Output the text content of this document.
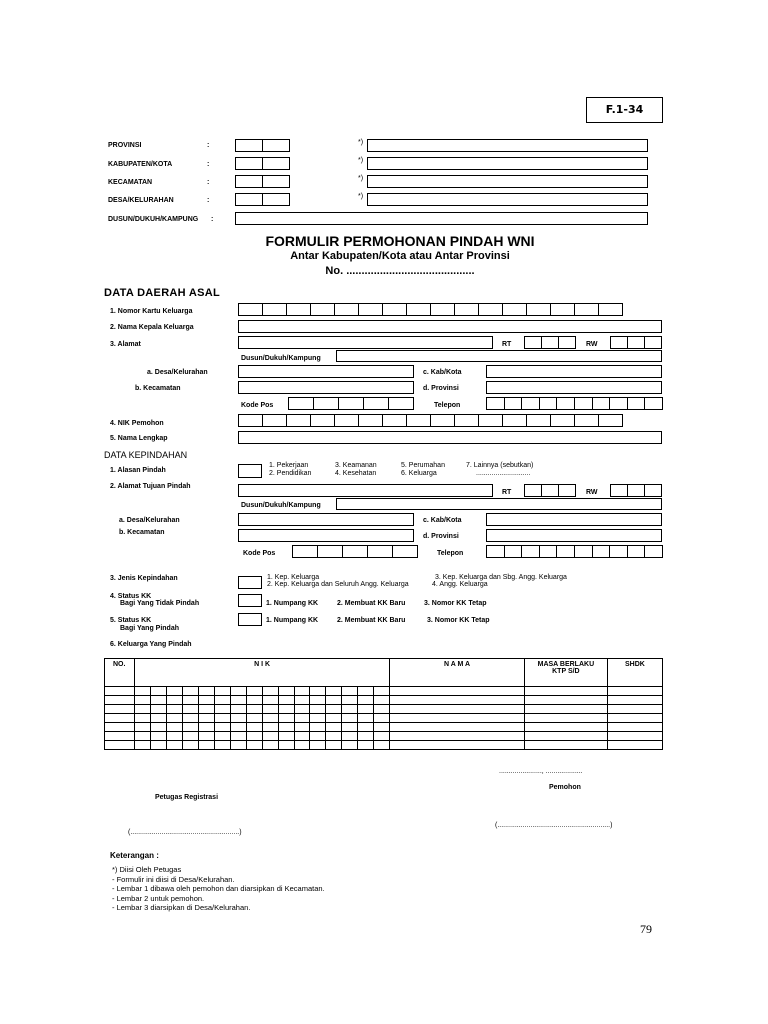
F.1-34
PROVINSI	:	*)
KABUPATEN/KOTA	:
*)
KECAMATAN	:
*)
DESA/KELURAHAN	:
*)
DUSUN/DUKUH/KAMPUNG :
FORMULIR PERMOHONAN PINDAH WNI
Antar Kabupaten/Kota atau Antar Provinsi
No. ..........................................
DATA DAERAH ASAL
1. Nomor Kartu Keluarga
2. Nama Kepala Keluarga
3. Alamat	RT	RW
Dusun/Dukuh/Kampung
a. Desa/Kelurahan	c. Kab/Kota
b. Kecamatan	d. Provinsi
Kode Pos	Telepon
4. NIK Pemohon
5. Nama Lengkap
DATA KEPINDAHAN
1. Alasan Pindah
1. Pekerjaan
2. Pendidikan
3. Keamanan
4. Kesehatan
5. Perumahan
6. Keluarga
7. Lainnya (sebutkan)
............................
2. Alamat Tujuan Pindah
RT	RW
Dusun/Dukuh/Kampung
a. Desa/Kelurahan	c. Kab/Kota
b. Kecamatan
d. Provinsi
Kode Pos	Telepon
3. Jenis Kepindahan	1. Kep. Keluarga
2. Kep. Keluarga dan Seluruh Angg. Keluarga
3. Kep. Keluarga dan Sbg. Angg. Keluarga
4. Angg. Keluarga
4. Status KK
Bagi Yang Tidak Pindah	1. Numpang KK	2. Membuat KK Baru	3. Nomor KK Tetap
5. Status KK
Bagi Yang Pindah
1. Numpang KK	2. Membuat KK Baru	3. Nomor KK Tetap
6. Keluarga Yang Pindah
NO.	N I K																N A M A	MASA BERLAKU
KTP S/D	SHDK

......................, ...................
Pemohon
Petugas Registrasi
(........................................................)
(..........................................................)
Keterangan :
*) Diisi Oleh Petugas
- Formulir ini diisi di Desa/Kelurahan.
- Lembar 1 dibawa oleh pemohon dan diarsipkan di Kecamatan.
- Lembar 2 untuk pemohon.
- Lembar 3 diarsipkan di Desa/Kelurahan.
79
